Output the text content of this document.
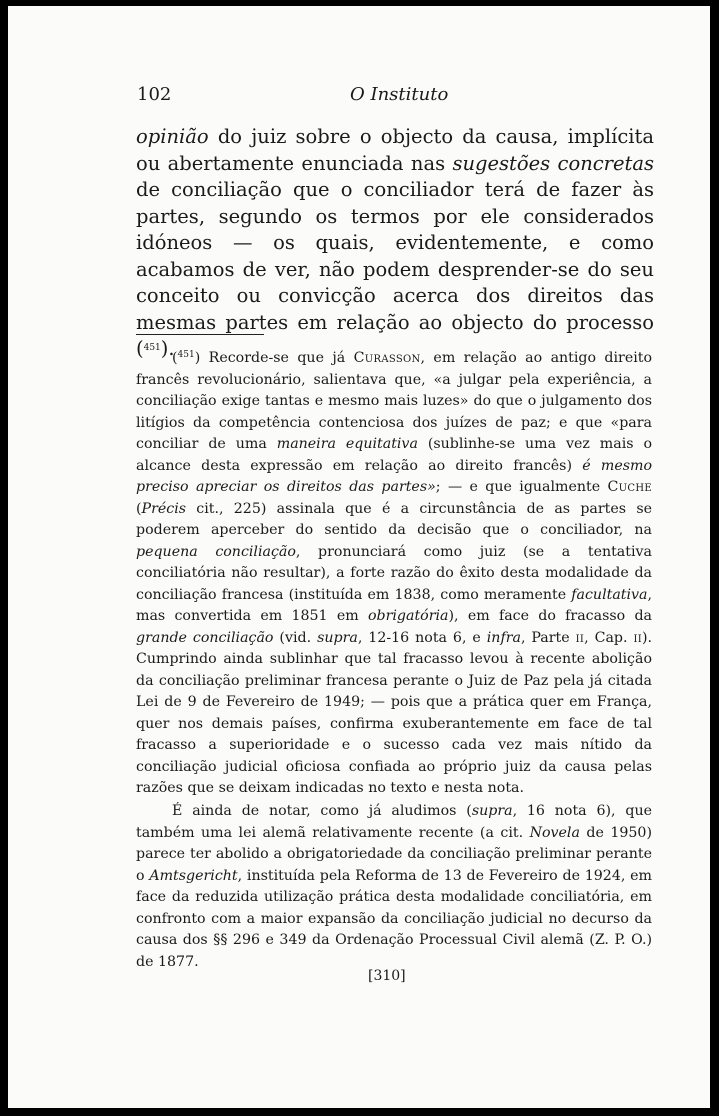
102	O Instituto

opinião do juiz sobre o objecto da causa, implícita ou abertamente enunciada nas sugestões concretas de conciliação que o conciliador terá de fazer às partes, segundo os termos por ele considerados idóneos — os quais, evidentemente, e como acabamos de ver, não podem desprender-se do seu conceito ou convicção acerca dos direitos das mesmas partes em relação ao objecto do processo ($^{451}$).

($^{451}$) Recorde-se que já Curasson, em relação ao antigo direito francês revolucionário, salientava que, «a julgar pela experiência, a conciliação exige tantas e mesmo mais luzes» do que o julgamento dos litígios da competência contenciosa dos juízes de paz; e que «para conciliar de uma maneira equitativa (sublinhe-se uma vez mais o alcance desta expressão em relação ao direito francês) é mesmo preciso apreciar os direitos das partes»; — e que igualmente Cuche (Précis cit., 225) assinala que é a circunstância de as partes se poderem aperceber do sentido da decisão que o conciliador, na pequena conciliação, pronunciará como juiz (se a tentativa conciliatória não resultar), a forte razão do êxito desta modalidade da conciliação francesa (instituída em 1838, como meramente facultativa, mas convertida em 1851 em obrigatória), em face do fracasso da grande conciliação (vid. supra, 12-16 nota 6, e infra, Parte ii, Cap. ii). Cumprindo ainda sublinhar que tal fracasso levou à recente abolição da conciliação preliminar francesa perante o Juiz de Paz pela já citada Lei de 9 de Fevereiro de 1949; — pois que a prática quer em França, quer nos demais países, confirma exuberantemente em face de tal fracasso a superioridade e o sucesso cada vez mais nítido da conciliação judicial oficiosa confiada ao próprio juiz da causa pelas razões que se deixam indicadas no texto e nesta nota.

É ainda de notar, como já aludimos (supra, 16 nota 6), que também uma lei alemã relativamente recente (a cit. Novela de 1950) parece ter abolido a obrigatoriedade da conciliação preliminar perante o Amtsgericht, instituída pela Reforma de 13 de Fevereiro de 1924, em face da reduzida utilização prática desta modalidade conciliatória, em confronto com a maior expansão da conciliação judicial no decurso da causa dos §§ 296 e 349 da Ordenação Processual Civil alemã (Z. P. O.) de 1877.

[310]
